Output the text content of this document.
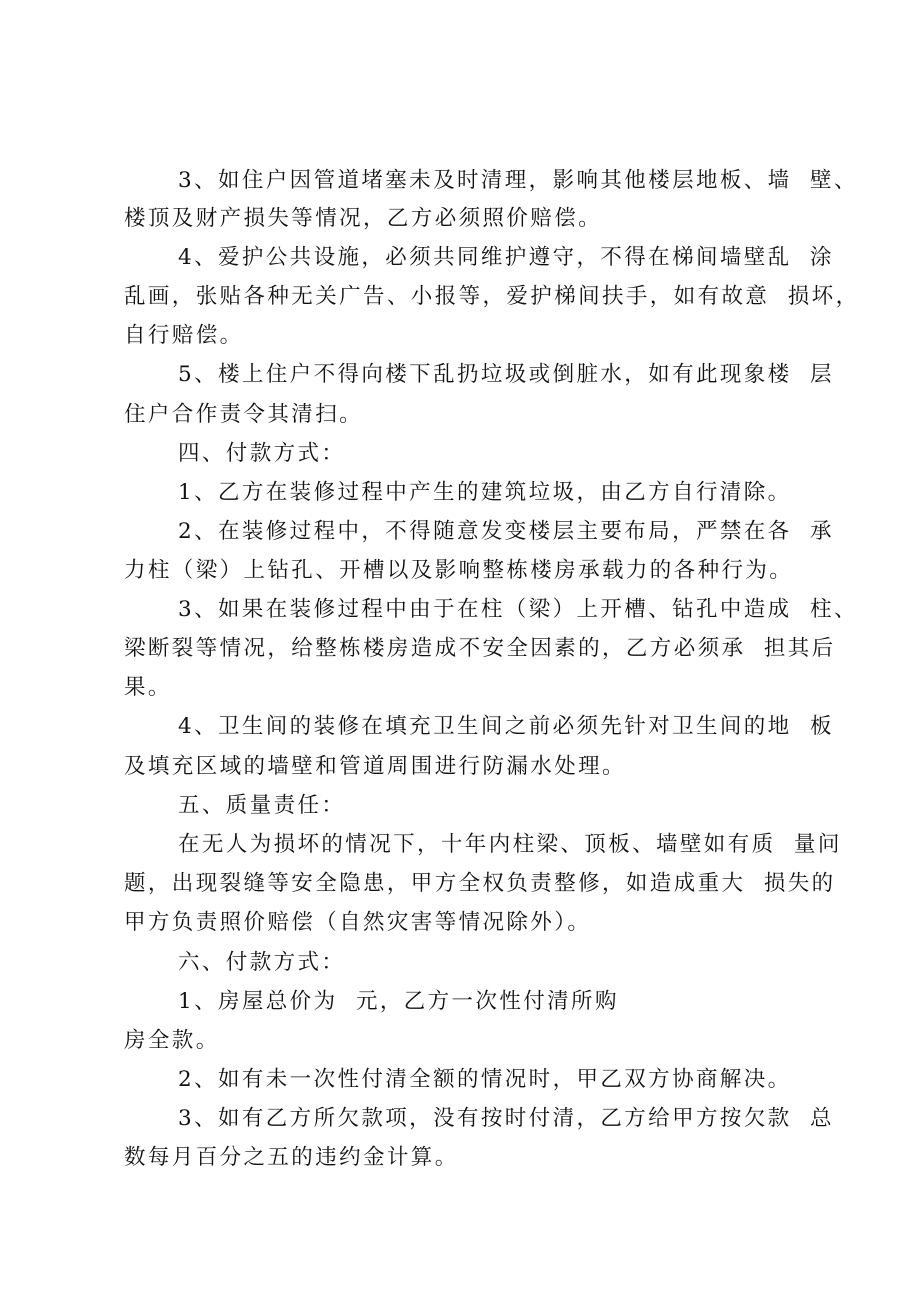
3、如住户因管道堵塞未及时清理，影响其他楼层地板、墙  壁、
楼顶及财产损失等情况，乙方必须照价赔偿。
4、爱护公共设施，必须共同维护遵守，不得在梯间墙壁乱  涂
乱画，张贴各种无关广告、小报等，爱护梯间扶手，如有故意  损坏，
自行赔偿。
5、楼上住户不得向楼下乱扔垃圾或倒脏水，如有此现象楼  层
住户合作责令其清扫。
四、付款方式：
1、乙方在装修过程中产生的建筑垃圾，由乙方自行清除。
2、在装修过程中，不得随意发变楼层主要布局，严禁在各  承
力柱（梁）上钻孔、开槽以及影响整栋楼房承载力的各种行为。
3、如果在装修过程中由于在柱（梁）上开槽、钻孔中造成  柱、
梁断裂等情况，给整栋楼房造成不安全因素的，乙方必须承  担其后
果。
4、卫生间的装修在填充卫生间之前必须先针对卫生间的地  板
及填充区域的墙壁和管道周围进行防漏水处理。
五、质量责任：
在无人为损坏的情况下，十年内柱梁、顶板、墙壁如有质  量问
题，出现裂缝等安全隐患，甲方全权负责整修，如造成重大  损失的
甲方负责照价赔偿（自然灾害等情况除外）。
六、付款方式：
1、房屋总价为  元，乙方一次性付清所购
房全款。
2、如有未一次性付清全额的情况时，甲乙双方协商解决。
3、如有乙方所欠款项，没有按时付清，乙方给甲方按欠款  总
数每月百分之五的违约金计算。
